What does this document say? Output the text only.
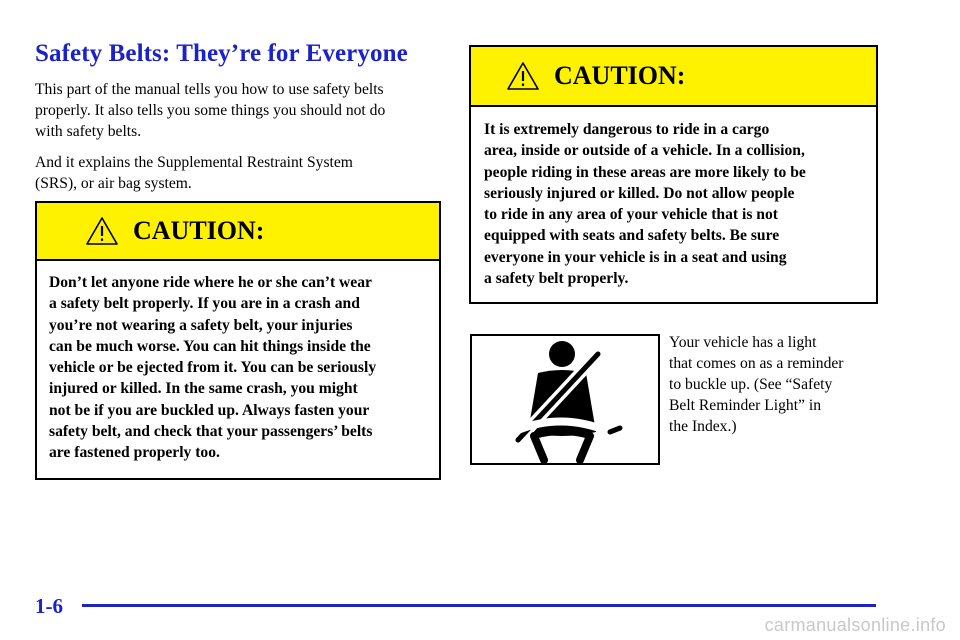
Safety Belts: They’re for Everyone

This part of the manual tells you how to use safety belts
properly. It also tells you some things you should not do
with safety belts.

And it explains the Supplemental Restraint System
(SRS), or air bag system.

CAUTION:
Don’t let anyone ride where he or she can’t wear
a safety belt properly. If you are in a crash and
you’re not wearing a safety belt, your injuries
can be much worse. You can hit things inside the
vehicle or be ejected from it. You can be seriously
injured or killed. In the same crash, you might
not be if you are buckled up. Always fasten your
safety belt, and check that your passengers’ belts
are fastened properly too.
CAUTION:
It is extremely dangerous to ride in a cargo
area, inside or outside of a vehicle. In a collision,
people riding in these areas are more likely to be
seriously injured or killed. Do not allow people
to ride in any area of your vehicle that is not
equipped with seats and safety belts. Be sure
everyone in your vehicle is in a seat and using
a safety belt properly.
Your vehicle has a light
that comes on as a reminder
to buckle up. (See “Safety
Belt Reminder Light” in
the Index.)
1-6
carmanualsonline.info
